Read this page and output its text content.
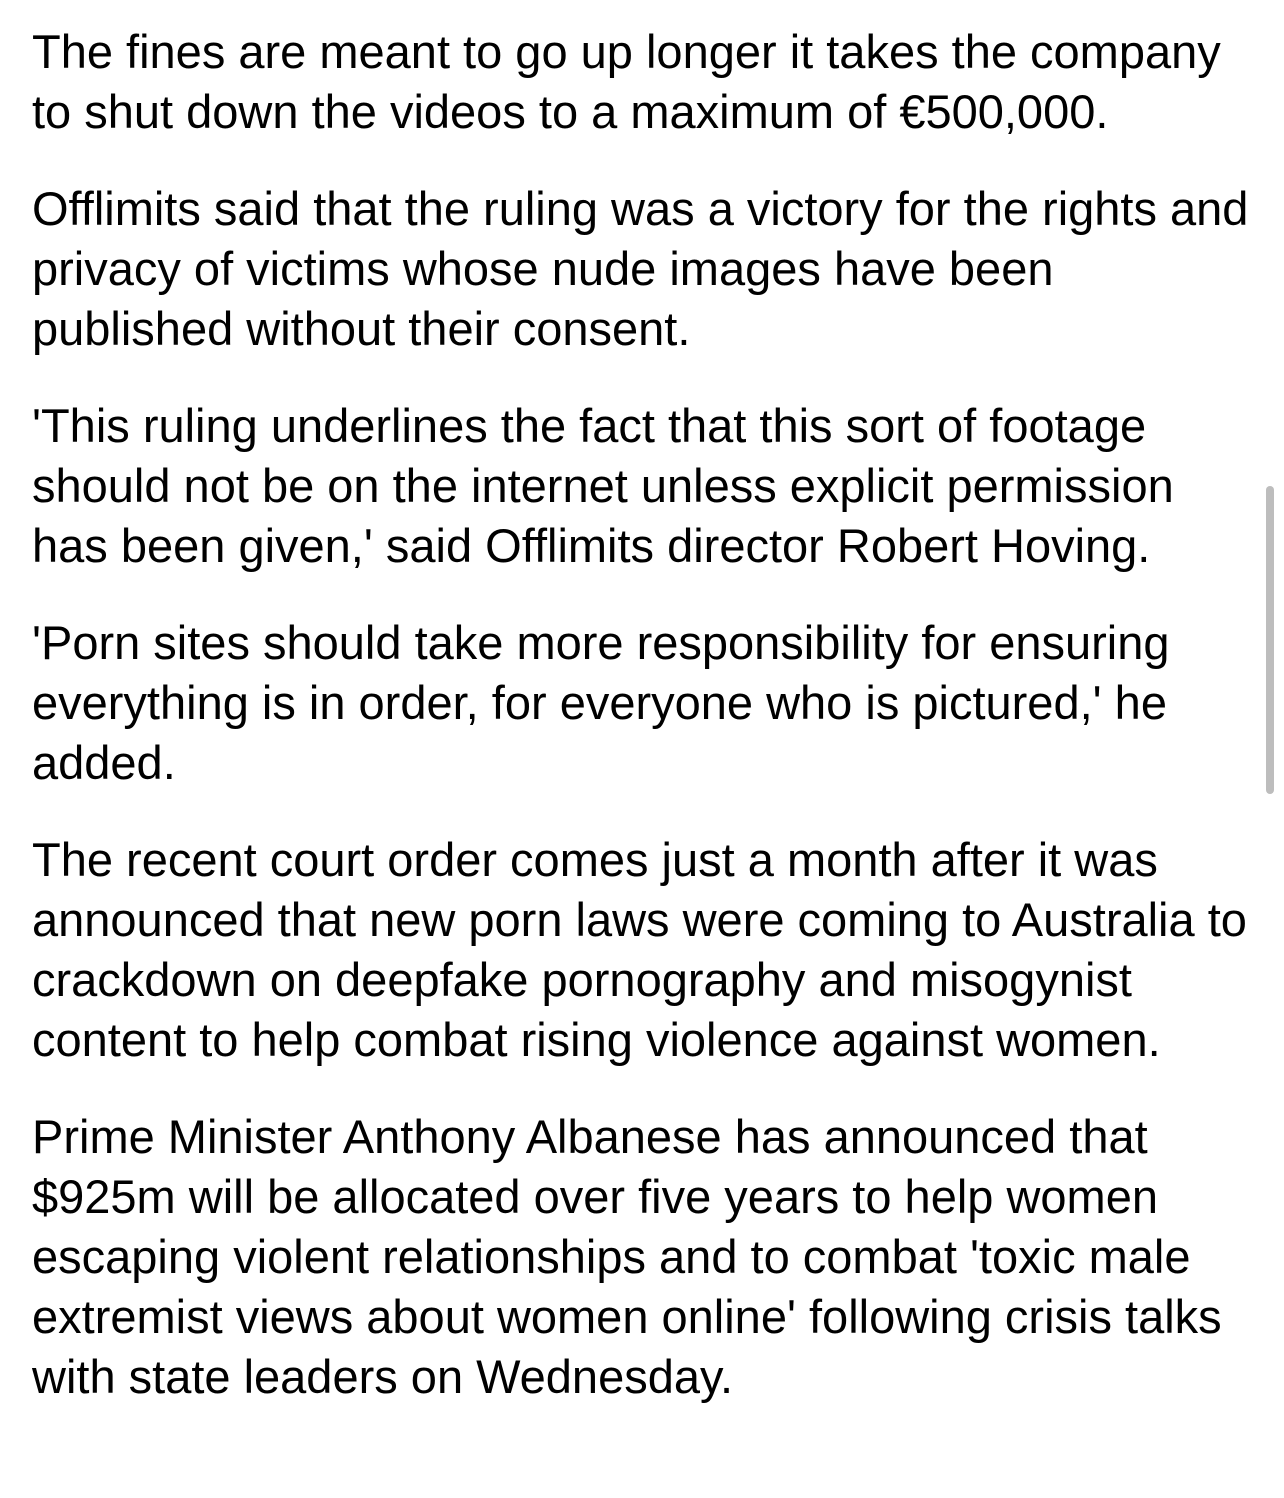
The fines are meant to go up longer it takes the company to shut down the videos to a maximum of €500,000.

Offlimits said that the ruling was a victory for the rights and privacy of victims whose nude images have been published without their consent.

'This ruling underlines the fact that this sort of footage should not be on the internet unless explicit permission has been given,' said Offlimits director Robert Hoving.

'Porn sites should take more responsibility for ensuring everything is in order, for everyone who is pictured,' he added.

The recent court order comes just a month after it was announced that new porn laws were coming to Australia to crackdown on deepfake pornography and misogynist content to help combat rising violence against women.

Prime Minister Anthony Albanese has announced that $925m will be allocated over five years to help women escaping violent relationships and to combat 'toxic male extremist views about women online' following crisis talks with state leaders on Wednesday.
